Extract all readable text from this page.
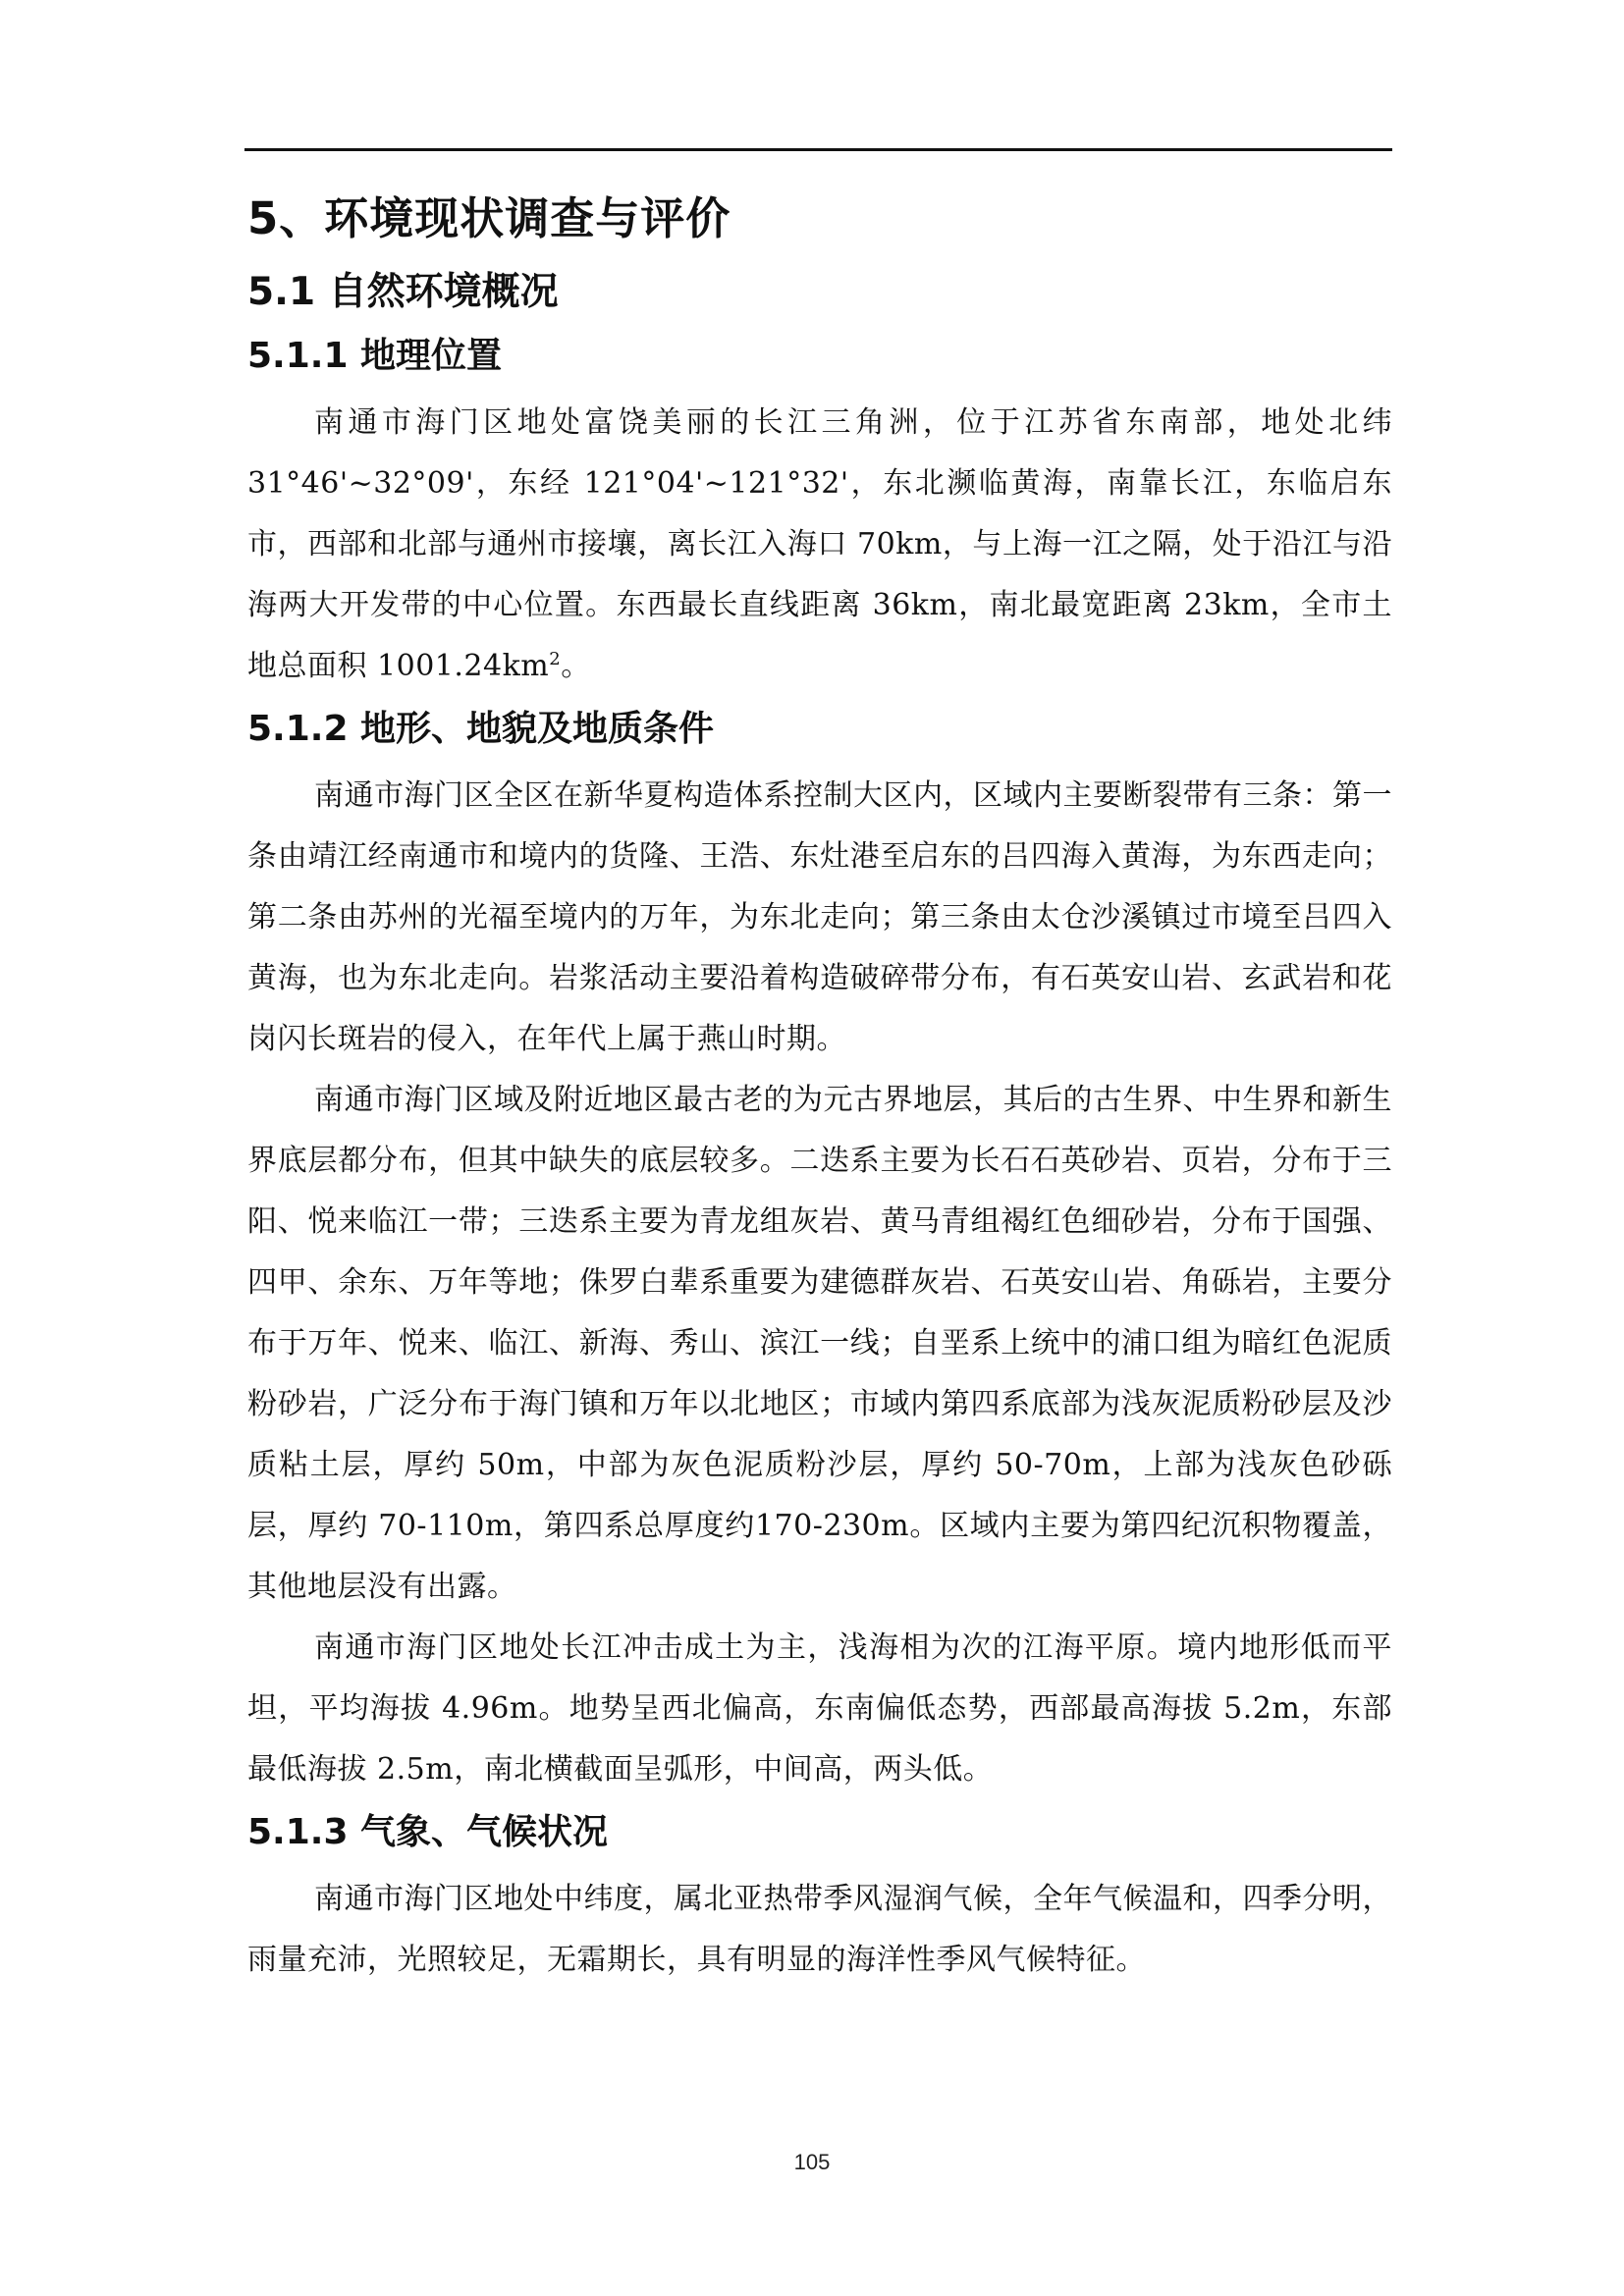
5、环境现状调查与评价
5.1 自然环境概况
5.1.1 地理位置

南通市海门区地处富饶美丽的长江三角洲，位于江苏省东南部，地处北纬31°46'~32°09'，东经 121°04'~121°32'，东北濒临黄海，南靠长江，东临启东市，西部和北部与通州市接壤，离长江入海口 70km，与上海一江之隔，处于沿江与沿海两大开发带的中心位置。东西最长直线距离 36km，南北最宽距离 23km，全市土地总面积 $1001.24km^2$。

5.1.2 地形、地貌及地质条件

南通市海门区全区在新华夏构造体系控制大区内，区域内主要断裂带有三条：第一条由靖江经南通市和境内的货隆、王浩、东灶港至启东的吕四海入黄海，为东西走向；第二条由苏州的光福至境内的万年，为东北走向；第三条由太仓沙溪镇过市境至吕四入黄海，也为东北走向。岩浆活动主要沿着构造破碎带分布，有石英安山岩、玄武岩和花岗闪长斑岩的侵入，在年代上属于燕山时期。

南通市海门区域及附近地区最古老的为元古界地层，其后的古生界、中生界和新生界底层都分布，但其中缺失的底层较多。二迭系主要为长石石英砂岩、页岩，分布于三阳、悦来临江一带；三迭系主要为青龙组灰岩、黄马青组褐红色细砂岩，分布于国强、四甲、余东、万年等地；侏罗白辈系重要为建德群灰岩、石英安山岩、角砾岩，主要分布于万年、悦来、临江、新海、秀山、滨江一线；自垩系上统中的浦口组为暗红色泥质粉砂岩，广泛分布于海门镇和万年以北地区；市域内第四系底部为浅灰泥质粉砂层及沙质粘土层，厚约 50m，中部为灰色泥质粉沙层，厚约 50-70m，上部为浅灰色砂砾层，厚约 70-110m，第四系总厚度约170-230m。区域内主要为第四纪沉积物覆盖，其他地层没有出露。

南通市海门区地处长江冲击成土为主，浅海相为次的江海平原。境内地形低而平坦，平均海拔 4.96m。地势呈西北偏高，东南偏低态势，西部最高海拔 5.2m，东部最低海拔 2.5m，南北横截面呈弧形，中间高，两头低。

5.1.3 气象、气候状况

南通市海门区地处中纬度，属北亚热带季风湿润气候，全年气候温和，四季分明，雨量充沛，光照较足，无霜期长，具有明显的海洋性季风气候特征。

105
